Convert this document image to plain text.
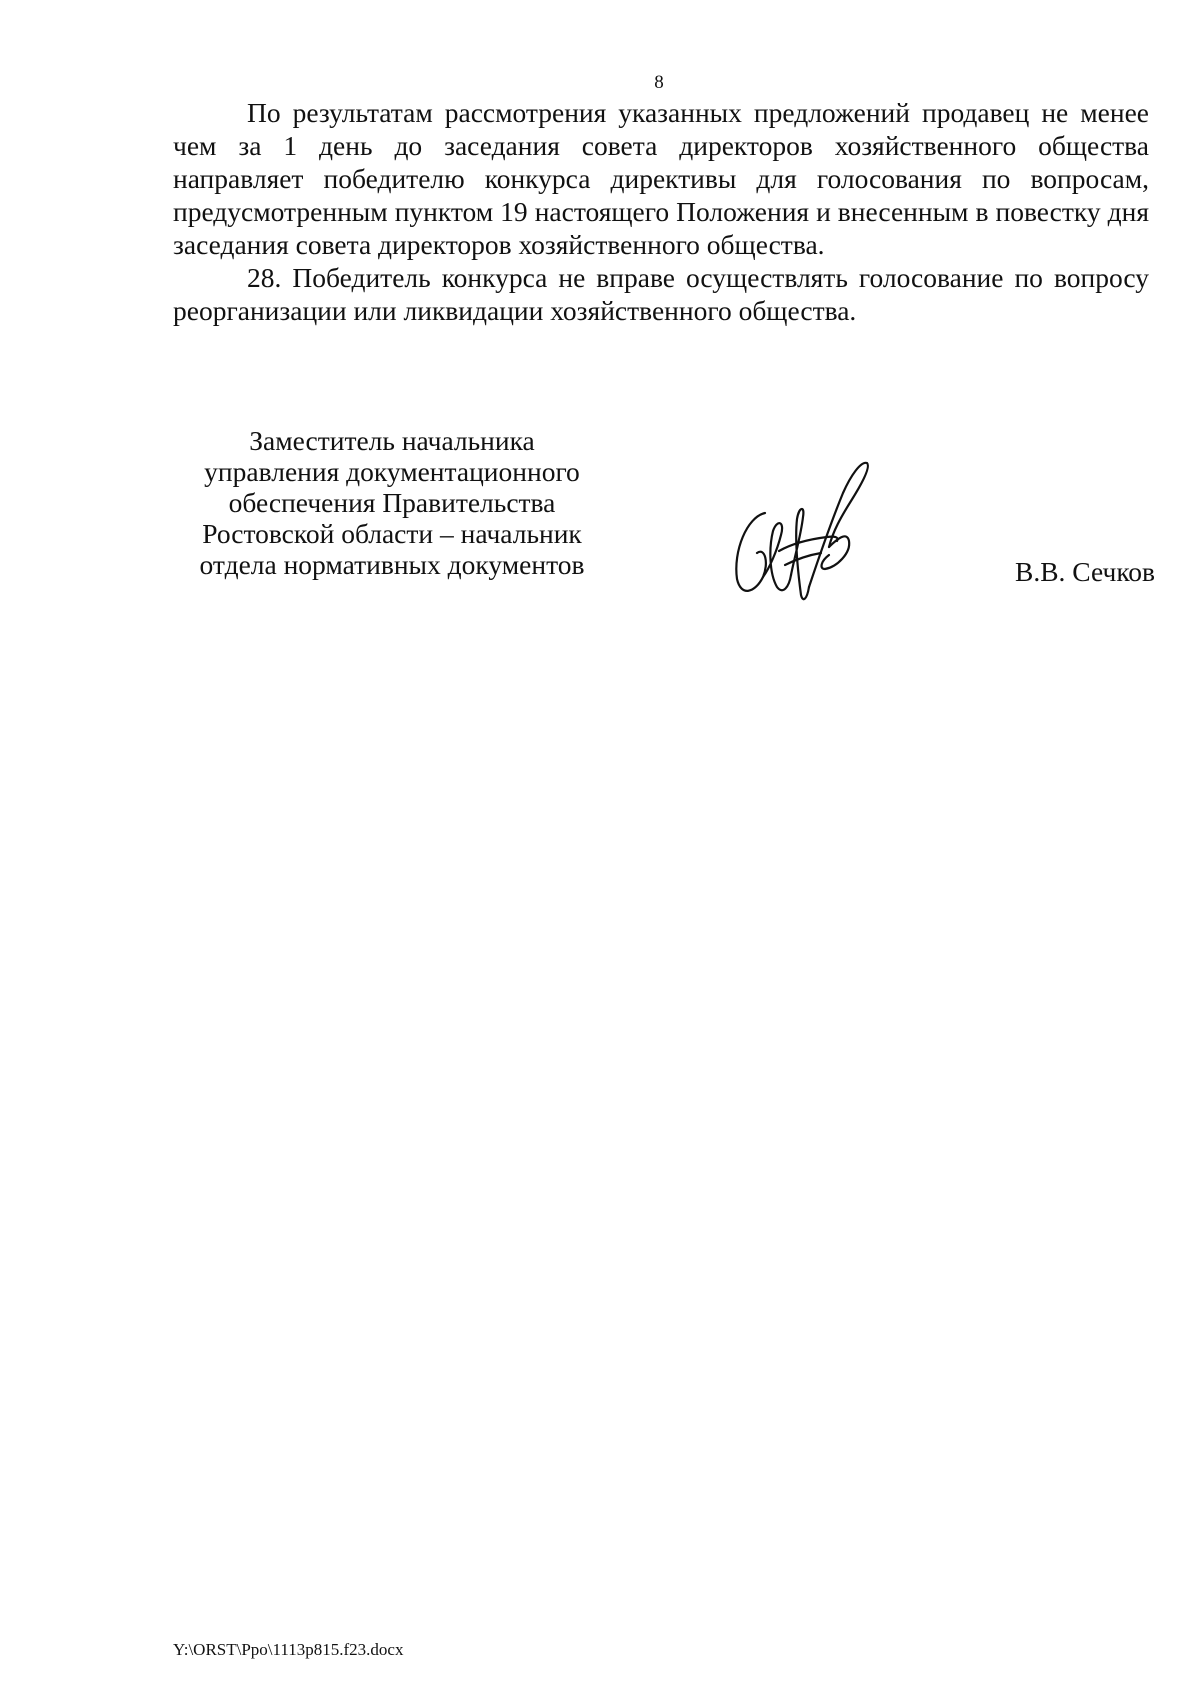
8

По результатам рассмотрения указанных предложений продавец не менее чем за 1 день до заседания совета директоров хозяйственного общества направляет победителю конкурса директивы для голосования по вопросам, предусмотренным пунктом 19 настоящего Положения и внесенным в повестку дня заседания совета директоров хозяйственного общества.

28. Победитель конкурса не вправе осуществлять голосование по вопросу реорганизации или ликвидации хозяйственного общества.

Заместитель начальника
управления документационного
обеспечения Правительства
Ростовской области – начальник
отдела нормативных документов	В.В. Сечков
Y:\ORST\Ppo\1113p815.f23.docx
